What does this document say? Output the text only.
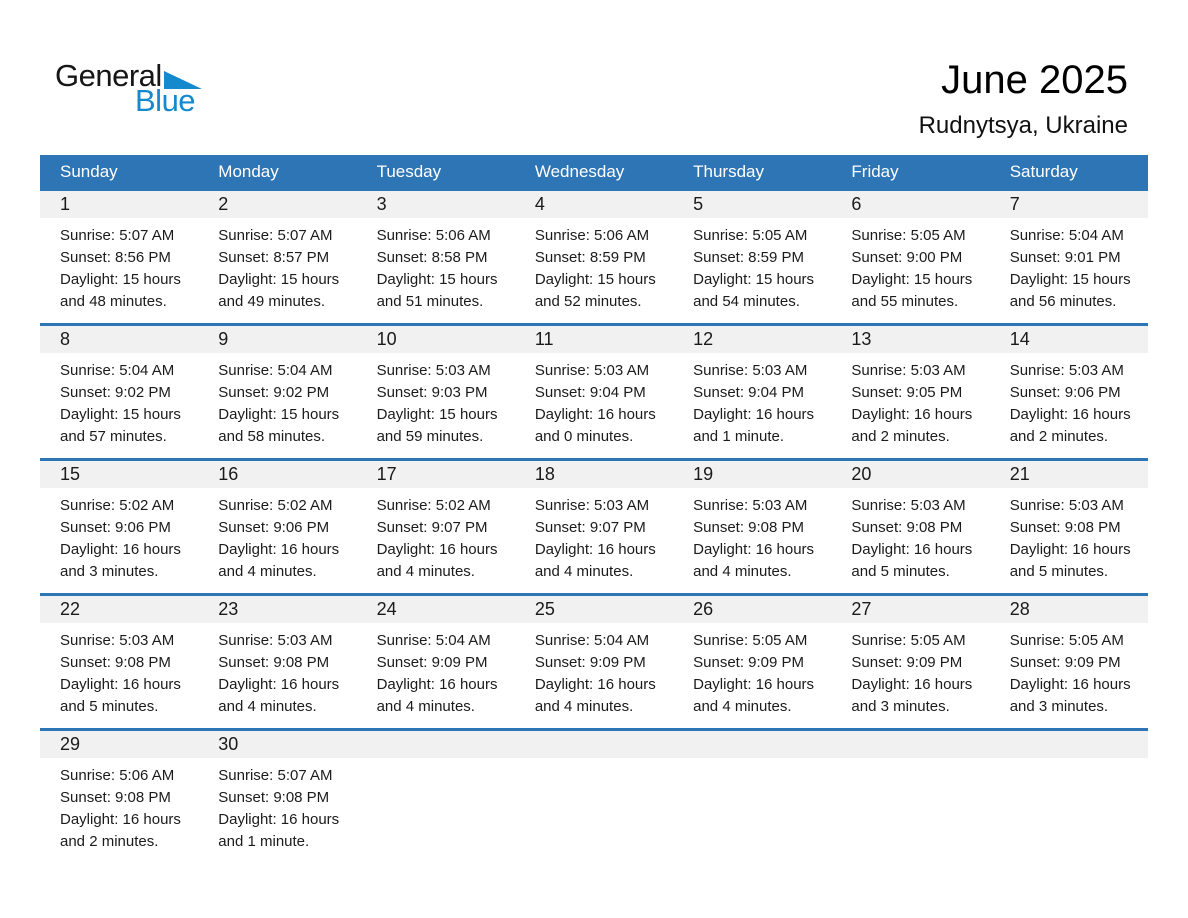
General
Blue	June 2025
Rudnytsya, Ukraine
Sunday	Monday	Tuesday	Wednesday	Thursday	Friday	Saturday
1	2	3	4	5	6	7
Sunrise: 5:07 AM
Sunset: 8:56 PM
Daylight: 15 hours
and 48 minutes.
Sunrise: 5:07 AM
Sunset: 8:57 PM
Daylight: 15 hours
and 49 minutes.
Sunrise: 5:06 AM
Sunset: 8:58 PM
Daylight: 15 hours
and 51 minutes.
Sunrise: 5:06 AM
Sunset: 8:59 PM
Daylight: 15 hours
and 52 minutes.
Sunrise: 5:05 AM
Sunset: 8:59 PM
Daylight: 15 hours
and 54 minutes.
Sunrise: 5:05 AM
Sunset: 9:00 PM
Daylight: 15 hours
and 55 minutes.
Sunrise: 5:04 AM
Sunset: 9:01 PM
Daylight: 15 hours
and 56 minutes.
8	9	10	11	12	13	14
Sunrise: 5:04 AM
Sunset: 9:02 PM
Daylight: 15 hours
and 57 minutes.
Sunrise: 5:04 AM
Sunset: 9:02 PM
Daylight: 15 hours
and 58 minutes.
Sunrise: 5:03 AM
Sunset: 9:03 PM
Daylight: 15 hours
and 59 minutes.
Sunrise: 5:03 AM
Sunset: 9:04 PM
Daylight: 16 hours
and 0 minutes.
Sunrise: 5:03 AM
Sunset: 9:04 PM
Daylight: 16 hours
and 1 minute.
Sunrise: 5:03 AM
Sunset: 9:05 PM
Daylight: 16 hours
and 2 minutes.
Sunrise: 5:03 AM
Sunset: 9:06 PM
Daylight: 16 hours
and 2 minutes.
15	16	17	18	19	20	21
Sunrise: 5:02 AM
Sunset: 9:06 PM
Daylight: 16 hours
and 3 minutes.
Sunrise: 5:02 AM
Sunset: 9:06 PM
Daylight: 16 hours
and 4 minutes.
Sunrise: 5:02 AM
Sunset: 9:07 PM
Daylight: 16 hours
and 4 minutes.
Sunrise: 5:03 AM
Sunset: 9:07 PM
Daylight: 16 hours
and 4 minutes.
Sunrise: 5:03 AM
Sunset: 9:08 PM
Daylight: 16 hours
and 4 minutes.
Sunrise: 5:03 AM
Sunset: 9:08 PM
Daylight: 16 hours
and 5 minutes.
Sunrise: 5:03 AM
Sunset: 9:08 PM
Daylight: 16 hours
and 5 minutes.
22	23	24	25	26	27	28
Sunrise: 5:03 AM
Sunset: 9:08 PM
Daylight: 16 hours
and 5 minutes.
Sunrise: 5:03 AM
Sunset: 9:08 PM
Daylight: 16 hours
and 4 minutes.
Sunrise: 5:04 AM
Sunset: 9:09 PM
Daylight: 16 hours
and 4 minutes.
Sunrise: 5:04 AM
Sunset: 9:09 PM
Daylight: 16 hours
and 4 minutes.
Sunrise: 5:05 AM
Sunset: 9:09 PM
Daylight: 16 hours
and 4 minutes.
Sunrise: 5:05 AM
Sunset: 9:09 PM
Daylight: 16 hours
and 3 minutes.
Sunrise: 5:05 AM
Sunset: 9:09 PM
Daylight: 16 hours
and 3 minutes.
29	30
Sunrise: 5:06 AM
Sunset: 9:08 PM
Daylight: 16 hours
and 2 minutes.
Sunrise: 5:07 AM
Sunset: 9:08 PM
Daylight: 16 hours
and 1 minute.
